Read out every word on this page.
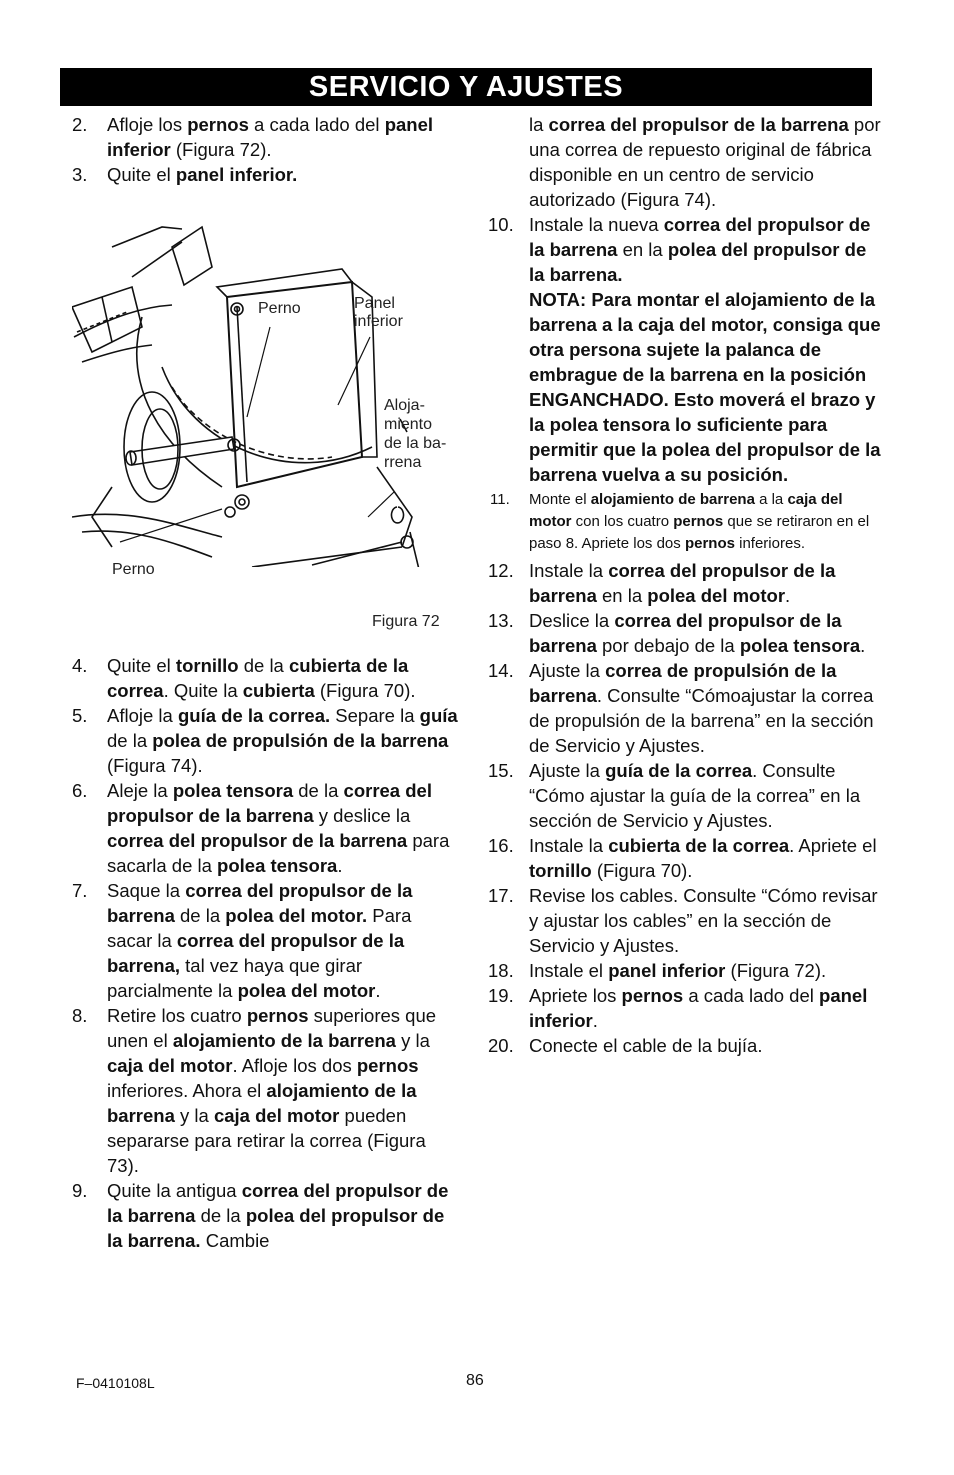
SERVICIO Y AJUSTES

2.	Afloje los pernos a cada lado del panel inferior (Figura 72).

3.	Quite el panel inferior.

Perno	Panel
inferior
Aloja-
miento
de la ba-
rrena
Perno
Figura 72

4.	Quite el tornillo de la cubierta de la correa. Quite la cubierta (Figura 70).

5.	Afloje la guía de la correa. Separe la guía de la polea de propulsión de la barrena (Figura 74).

6.	Aleje la polea tensora de la correa del propulsor de la barrena y deslice la correa del propulsor de la barrena para sacarla de la polea tensora.

7.	Saque la correa del propulsor de la barrena de la polea del motor. Para sacar la correa del propulsor de la barrena, tal vez haya que girar parcialmente la polea del motor.

8.	Retire los cuatro pernos superiores que unen el alojamiento de la barrena y la caja del motor. Afloje los dos pernos inferiores. Ahora el alojamiento de la barrena y la caja del motor pueden separarse para retirar la correa (Figura 73).

9.	Quite la antigua correa del propulsor de la barrena de la polea del propulsor de la barrena. Cambie

la correa del propulsor de la barrena por una correa de repuesto original de fábrica disponible en un centro de servicio autorizado (Figura 74).

10. Instale la nueva correa del propulsor de la barrena en la polea del propulsor de la barrena.

NOTA: Para montar el alojamiento de la barrena a la caja del motor, consiga que otra persona sujete la palanca de embrague de la barrena en la posición ENGANCHADO. Esto moverá el brazo y la polea tensora lo suficiente para permitir que la polea del propulsor de la barrena vuelva a su posición.

11.	Monte el alojamiento de barrena a la caja del motor con los cuatro pernos que se retiraron en el paso 8. Apriete los dos pernos inferiores.

12. Instale la correa del propulsor de la barrena en la polea del motor.

13. Deslice la correa del propulsor de la barrena por debajo de la polea tensora.

14. Ajuste la correa de propulsión de la barrena. Consulte “Cómoajustar la correa de propulsión de la barrena” en la sección de Servicio y Ajustes.

15. Ajuste la guía de la correa. Consulte “Cómo ajustar la guía de la correa” en la sección de Servicio y Ajustes.

16. Instale la cubierta de la correa. Apriete el tornillo (Figura 70).

17. Revise los cables. Consulte “Cómo revisar y ajustar los cables” en la sección de Servicio y Ajustes.

18. Instale el panel inferior (Figura 72).

19. Apriete los pernos a cada lado del panel inferior.

20. Conecte el cable de la bujía.

F–0410108L	86
